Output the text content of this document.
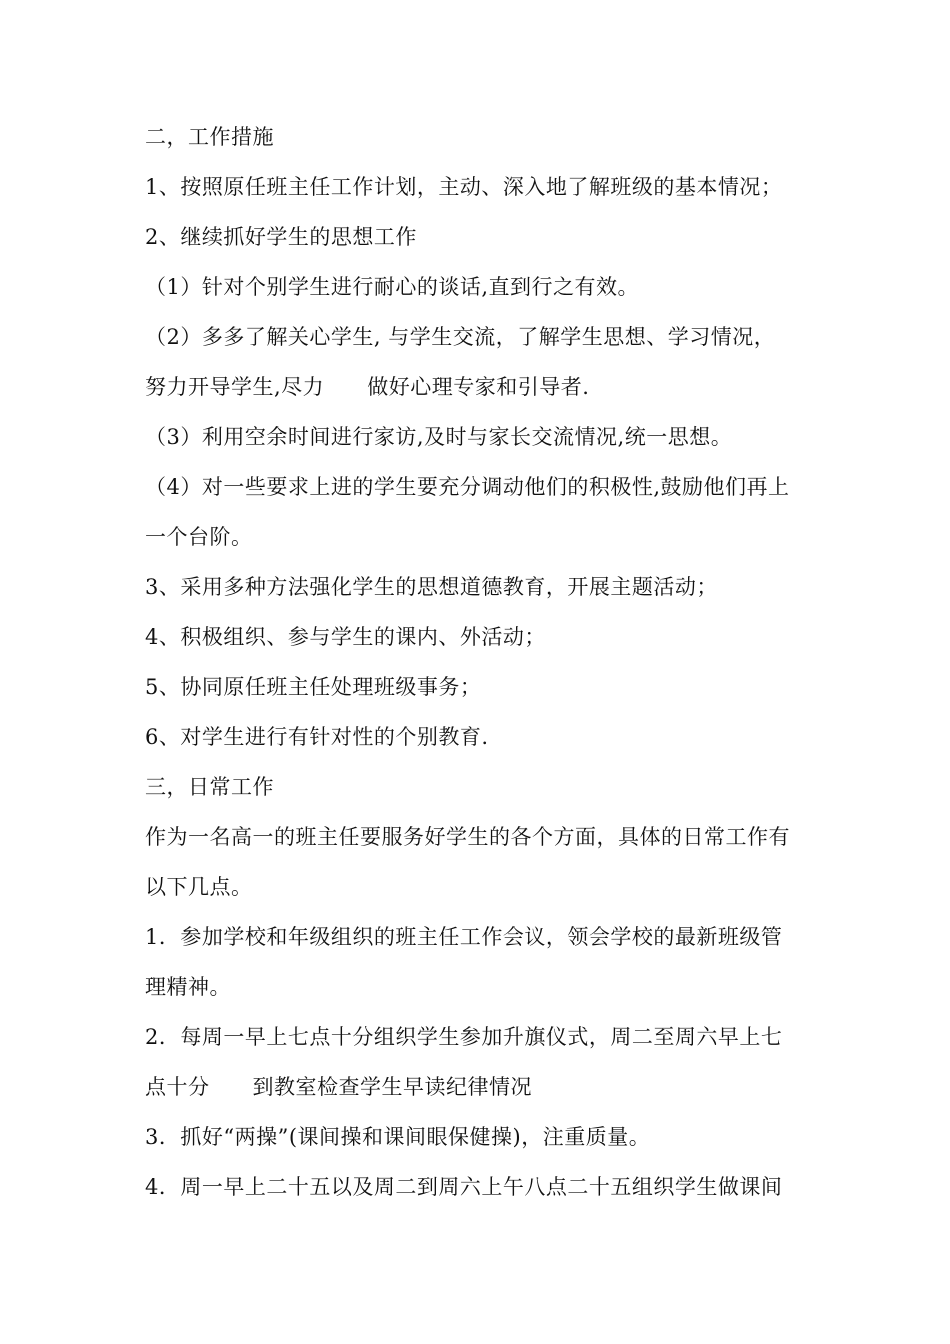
二，工作措施
1、按照原任班主任工作计划，主动、深入地了解班级的基本情况；
2、继续抓好学生的思想工作
（1）针对个别学生进行耐心的谈话,直到行之有效。
（2）多多了解关心学生, 与学生交流，了解学生思想、学习情况，
努力开导学生,尽力      做好心理专家和引导者.
（3）利用空余时间进行家访,及时与家长交流情况,统一思想。
（4）对一些要求上进的学生要充分调动他们的积极性,鼓励他们再上
一个台阶。
3、采用多种方法强化学生的思想道德教育，开展主题活动；
4、积极组织、参与学生的课内、外活动；
5、协同原任班主任处理班级事务；
6、对学生进行有针对性的个别教育.
三，日常工作
作为一名高一的班主任要服务好学生的各个方面，具体的日常工作有
以下几点。
1．参加学校和年级组织的班主任工作会议，领会学校的最新班级管
理精神。
2．每周一早上七点十分组织学生参加升旗仪式，周二至周六早上七
点十分      到教室检查学生早读纪律情况
3．抓好“两操”(课间操和课间眼保健操)，注重质量。
4．周一早上二十五以及周二到周六上午八点二十五组织学生做课间
